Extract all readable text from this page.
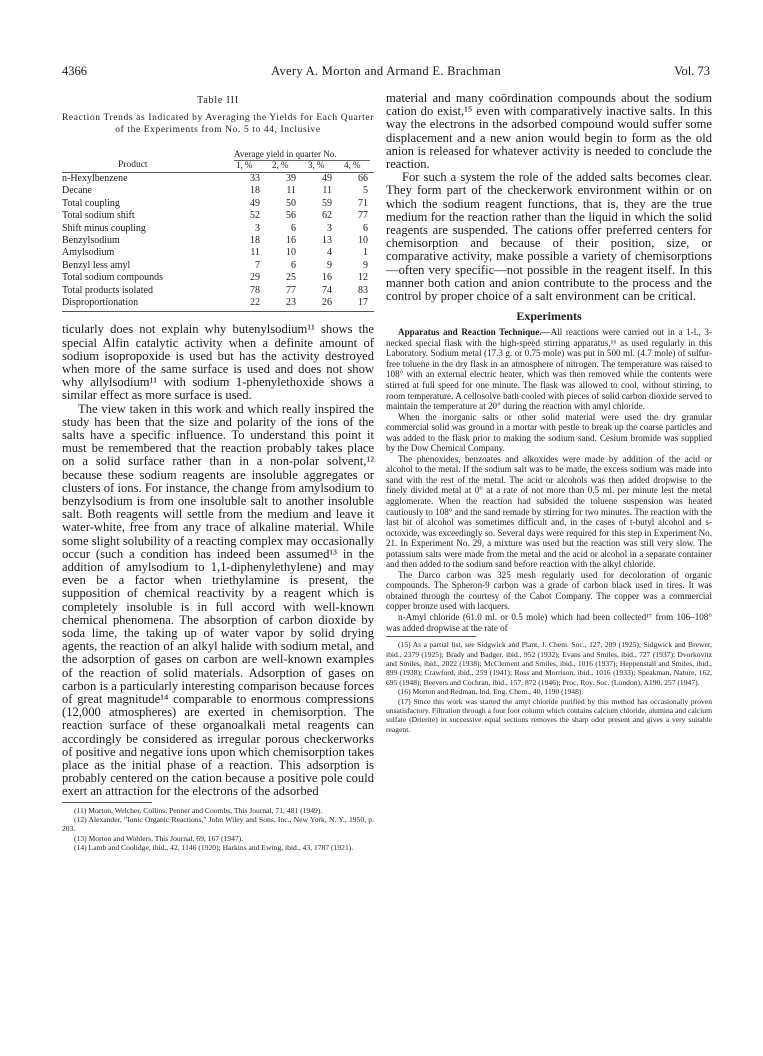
4366	Avery A. Morton and Armand E. Brachman	Vol. 73
Table III
Reaction Trends as Indicated by Averaging the Yields for Each Quarter of the Experiments from No. 5 to 44, Inclusive
Average yield in quarter No.
Product	1, % 2, % 3, % 4, %
n-Hexylbenzene	33	39	49	66
Decane	18	11	11	5
Total coupling	49	50	59	71
Total sodium shift	52	56	62	77
Shift minus coupling	3	6	3	6
Benzylsodium	18	16	13	10
Amylsodium	11	10	4	1
Benzyl less amyl	7	6	9	9
Total sodium compounds	29	25	16	12
Total products isolated	78	77	74	83
Disproportionation	22	23	26	17

ticularly does not explain why butenylsodium¹¹ shows the special Alfin catalytic activity when a definite amount of sodium isopropoxide is used but has the activity destroyed when more of the same surface is used and does not show why allylsodium¹¹ with sodium 1-phenylethoxide shows a similar effect as more surface is used.

The view taken in this work and which really inspired the study has been that the size and polarity of the ions of the salts have a specific influence. To understand this point it must be remembered that the reaction probably takes place on a solid surface rather than in a non-polar solvent,¹² because these sodium reagents are insoluble aggregates or clusters of ions. For instance, the change from amylsodium to benzylsodium is from one insoluble salt to another insoluble salt. Both reagents will settle from the medium and leave it water-white, free from any trace of alkaline material. While some slight solubility of a reacting complex may occasionally occur (such a condition has indeed been assumed¹³ in the addition of amylsodium to 1,1-diphenylethylene) and may even be a factor when triethylamine is present, the supposition of chemical reactivity by a reagent which is completely insoluble is in full accord with well-known chemical phenomena. The absorption of carbon dioxide by soda lime, the taking up of water vapor by solid drying agents, the reaction of an alkyl halide with sodium metal, and the adsorption of gases on carbon are well-known examples of the reaction of solid materials. Adsorption of gases on carbon is a particularly interesting comparison because forces of great magnitude¹⁴ comparable to enormous compressions (12,000 atmospheres) are exerted in chemisorption. The reaction surface of these organoalkali metal reagents can accordingly be considered as irregular porous checkerworks of positive and negative ions upon which chemisorption takes place as the initial phase of a reaction. This adsorption is probably centered on the cation because a positive pole could exert an attraction for the electrons of the adsorbed

(11) Morton, Welcher, Collins, Penner and Coombs, This Journal, 71, 481 (1949).

(12) Alexander, "Ionic Organic Reactions," John Wiley and Sons, Inc., New York, N. Y., 1950, p. 203.

(13) Morton and Wohlers, This Journal, 69, 167 (1947).

(14) Lamb and Coolidge, ibid., 42, 1146 (1920); Harkins and Ewing, ibid., 43, 1787 (1921).

material and many coördination compounds about the sodium cation do exist,¹⁵ even with comparatively inactive salts. In this way the electrons in the adsorbed compound would suffer some displacement and a new anion would begin to form as the old anion is released for whatever activity is needed to conclude the reaction.

For such a system the role of the added salts becomes clear. They form part of the checkerwork environment within or on which the sodium reagent functions, that is, they are the true medium for the reaction rather than the liquid in which the solid reagents are suspended. The cations offer preferred centers for chemisorption and because of their position, size, or comparative activity, make possible a variety of chemisorptions—often very specific—not possible in the reagent itself. In this manner both cation and anion contribute to the process and the control by proper choice of a salt environment can be critical.

Experiments

Apparatus and Reaction Technique.—All reactions were carried out in a 1-l., 3-necked special flask with the high-speed stirring apparatus,¹⁶ as used regularly in this Laboratory. Sodium metal (17.3 g. or 0.75 mole) was put in 500 ml. (4.7 mole) of sulfur-free toluene in the dry flask in an atmosphere of nitrogen. The temperature was raised to 108° with an external electric heater, which was then removed while the contents were stirred at full speed for one minute. The flask was allowed to cool, without stirring, to room temperature. A cellosolve bath cooled with pieces of solid carbon dioxide served to maintain the temperature at 20° during the reaction with amyl chloride.

When the inorganic salts or other solid material were used the dry granular commercial solid was ground in a mortar with pestle to break up the coarse particles and was added to the flask prior to making the sodium sand. Cesium bromide was supplied by the Dow Chemical Company.

The phenoxides, benzoates and alkoxides were made by addition of the acid or alcohol to the metal. If the sodium salt was to be made, the excess sodium was made into sand with the rest of the metal. The acid or alcohols was then added dropwise to the finely divided metal at 0° at a rate of not more than 0.5 ml. per minute lest the metal agglomerate. When the reaction had subsided the toluene suspension was heated cautiously to 108° and the sand remade by stirring for two minutes. The reaction with the last bit of alcohol was sometimes difficult and, in the cases of t-butyl alcohol and s-octoxide, was exceedingly so. Several days were required for this step in Experiment No. 21. In Experiment No. 29, a mixture was used but the reaction was still very slow. The potassium salts were made from the metal and the acid or alcohol in a separate container and then added to the sodium sand before reaction with the alkyl chloride.

The Darco carbon was 325 mesh regularly used for decoloration of organic compounds. The Spheron-9 carbon was a grade of carbon black used in tires. It was obtained through the courtesy of the Cabot Company. The copper was a commercial copper bronze used with lacquers.

n-Amyl chloride (61.0 ml. or 0.5 mole) which had been collected¹⁷ from 106–108° was added dropwise at the rate of

(15) As a partial list, see Sidgwick and Plant, J. Chem. Soc., 127, 209 (1925); Sidgwick and Brewer, ibid., 2379 (1925); Brady and Badger, ibid., 952 (1932); Evans and Smiles, ibid., 727 (1937); Dvorkovitz and Smiles, ibid., 2022 (1938); McClement and Smiles, ibid., 1016 (1937); Heppenstall and Smiles, ibid., 899 (1938); Crawford, ibid., 259 (1941); Ross and Morrison, ibid., 1016 (1933); Speakman, Nature, 162, 695 (1948); Beevers and Cochran, ibid., 157, 872 (1946); Proc. Roy. Soc. (London), A190, 257 (1947).

(16) Morton and Redman, Ind. Eng. Chem., 40, 1190 (1948).

(17) Since this work was started the amyl chloride purified by this method has occasionally proven unsatisfactory. Filtration through a four foot column which contains calcium chloride, alumina and calcium sulfate (Drierite) in successive equal sections removes the sharp odor present and gives a very suitable reagent.
